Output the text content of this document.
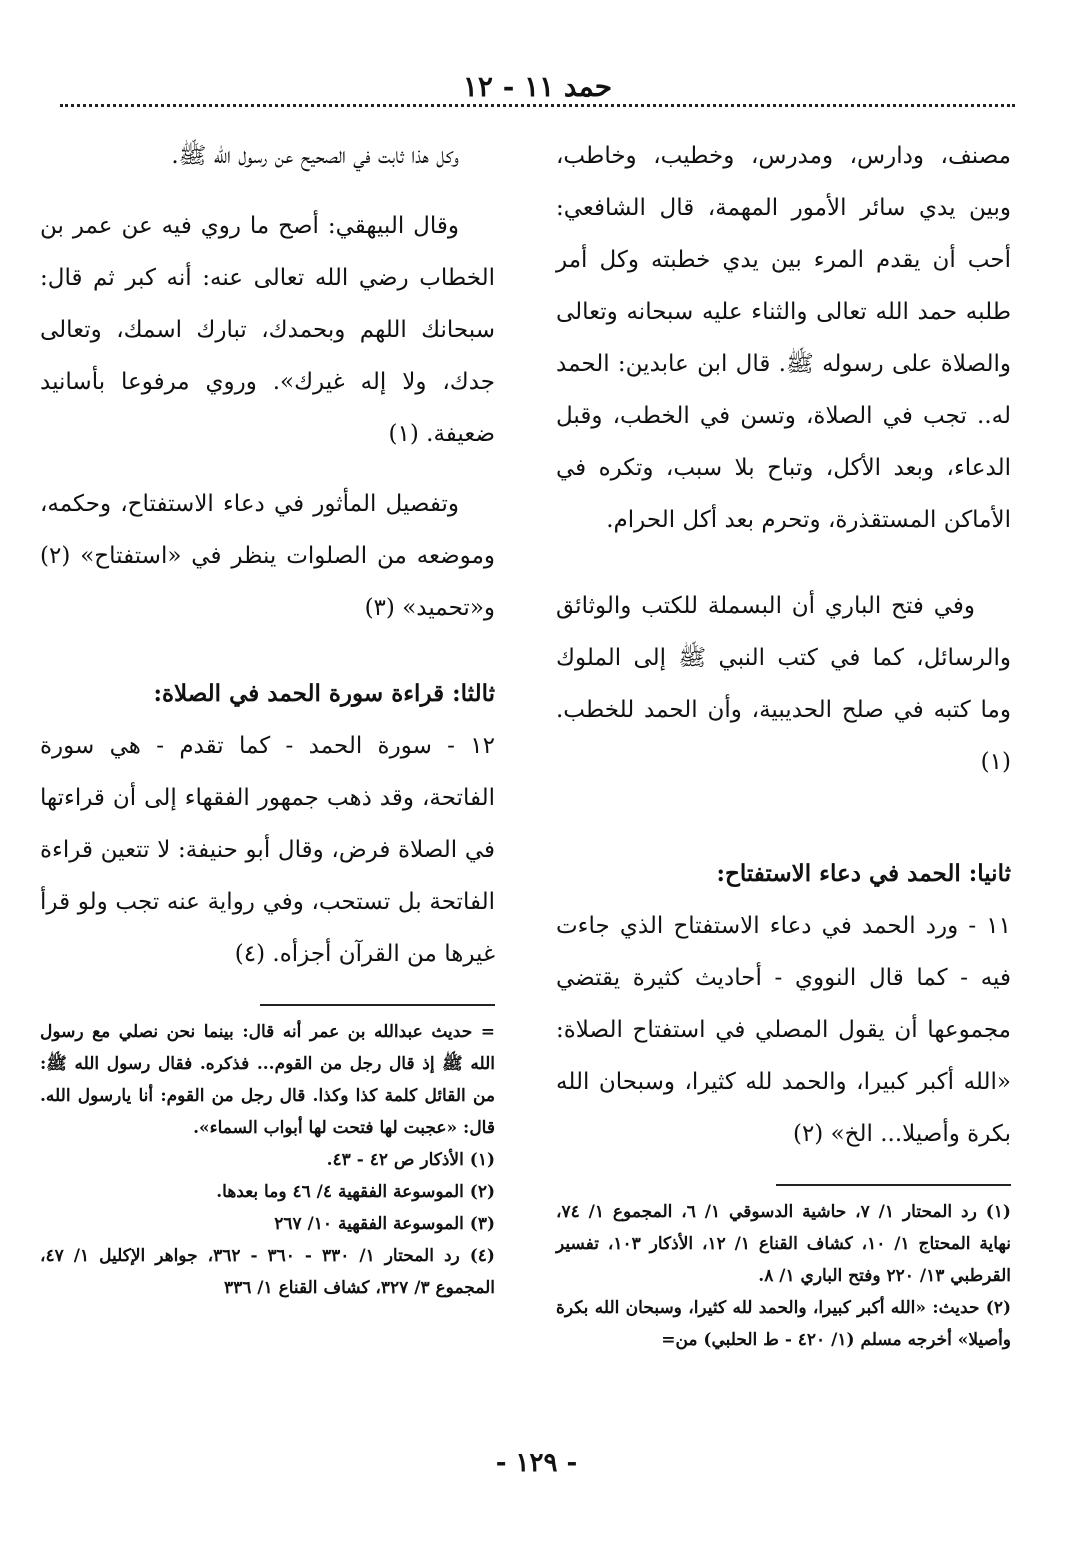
حمد ١١ - ١٢

مصنف، ودارس، ومدرس، وخطيب، وخاطب، وبين يدي سائر الأمور المهمة، قال الشافعي: أحب أن يقدم المرء بين يدي خطبته وكل أمر طلبه حمد الله تعالى والثناء عليه سبحانه وتعالى والصلاة على رسوله ﷺ. قال ابن عابدين: الحمد له.. تجب في الصلاة، وتسن في الخطب، وقبل الدعاء، وبعد الأكل، وتباح بلا سبب، وتكره في الأماكن المستقذرة، وتحرم بعد أكل الحرام.

وفي فتح الباري أن البسملة للكتب والوثائق والرسائل، كما في كتب النبي ﷺ إلى الملوك وما كتبه في صلح الحديبية، وأن الحمد للخطب. (١)

ثانيا: الحمد في دعاء الاستفتاح:

١١ - ورد الحمد في دعاء الاستفتاح الذي جاءت فيه - كما قال النووي - أحاديث كثيرة يقتضي مجموعها أن يقول المصلي في استفتاح الصلاة: «الله أكبر كبيرا، والحمد لله كثيرا، وسبحان الله بكرة وأصيلا... الخ» (٢)

(١) رد المحتار ١/ ٧، حاشية الدسوقي ١/ ٦، المجموع ١/ ٧٤، نهاية المحتاج ١/ ١٠، كشاف القناع ١/ ١٢، الأذكار ١٠٣، تفسير القرطبي ١٣/ ٢٢٠ وفتح الباري ١/ ٨.

(٢) حديث: «الله أكبر كبيرا، والحمد لله كثيرا، وسبحان الله بكرة وأصيلا» أخرجه مسلم (١/ ٤٢٠ - ط الحلبي) من=

وكل هذا ثابت في الصحيح عن رسول الله ﷺ.

وقال البيهقي: أصح ما روي فيه عن عمر بن الخطاب رضي الله تعالى عنه: أنه كبر ثم قال: سبحانك اللهم وبحمدك، تبارك اسمك، وتعالى جدك، ولا إله غيرك». وروي مرفوعا بأسانيد ضعيفة. (١)

وتفصيل المأثور في دعاء الاستفتاح، وحكمه، وموضعه من الصلوات ينظر في «استفتاح» (٢) و«تحميد» (٣)

ثالثا: قراءة سورة الحمد في الصلاة:

١٢ - سورة الحمد - كما تقدم - هي سورة الفاتحة، وقد ذهب جمهور الفقهاء إلى أن قراءتها في الصلاة فرض، وقال أبو حنيفة: لا تتعين قراءة الفاتحة بل تستحب، وفي رواية عنه تجب ولو قرأ غيرها من القرآن أجزأه. (٤)

= حديث عبدالله بن عمر أنه قال: بينما نحن نصلي مع رسول الله ﷺ إذ قال رجل من القوم... فذكره. فقال رسول الله ﷺ: من القائل كلمة كذا وكذا. قال رجل من القوم: أنا يارسول الله. قال: «عجبت لها فتحت لها أبواب السماء».

(١) الأذكار ص ٤٢ - ٤٣.

(٢) الموسوعة الفقهية ٤/ ٤٦ وما بعدها.

(٣) الموسوعة الفقهية ١٠/ ٢٦٧

(٤) رد المحتار ١/ ٣٣٠ - ٣٦٠ - ٣٦٢، جواهر الإكليل ١/ ٤٧، المجموع ٣/ ٣٢٧، كشاف القناع ١/ ٣٣٦

- ١٢٩ -
